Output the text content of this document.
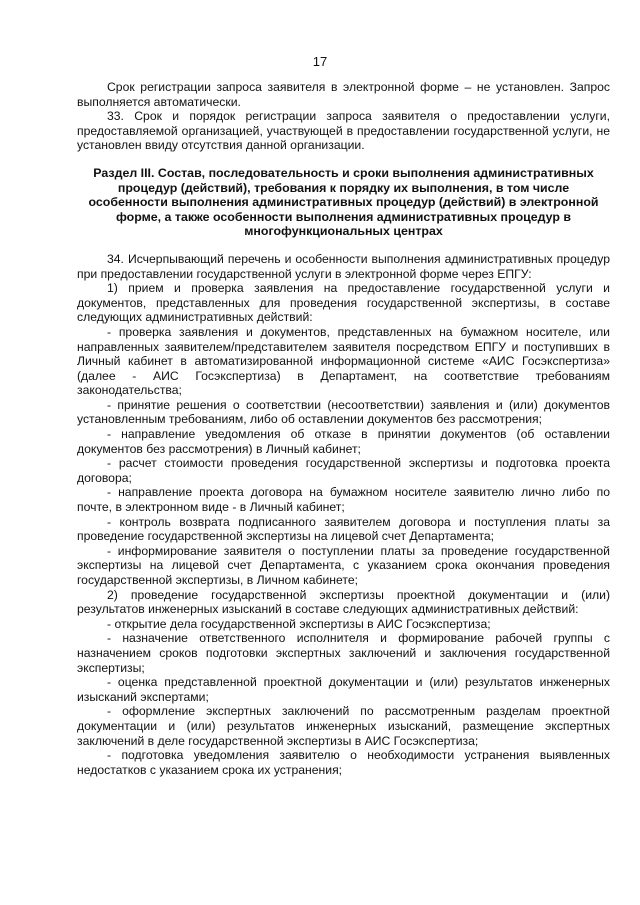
17

Срок регистрации запроса заявителя в электронной форме – не установлен. Запрос выполняется автоматически.

33. Срок и порядок регистрации запроса заявителя о предоставлении услуги, предоставляемой организацией, участвующей в предоставлении государственной услуги, не установлен ввиду отсутствия данной организации.

Раздел III. Состав, последовательность и сроки выполнения административных процедур (действий), требования к порядку их выполнения, в том числе особенности выполнения административных процедур (действий) в электронной форме, а также особенности выполнения административных процедур в многофункциональных центрах

34. Исчерпывающий перечень и особенности выполнения административных процедур при предоставлении государственной услуги в электронной форме через ЕПГУ:

1) прием и проверка заявления на предоставление государственной услуги и документов, представленных для проведения государственной экспертизы, в составе следующих административных действий:

- проверка заявления и документов, представленных на бумажном носителе, или направленных заявителем/представителем заявителя посредством ЕПГУ и поступивших в Личный кабинет в автоматизированной информационной системе «АИС Госэкспертиза» (далее - АИС Госэкспертиза) в Департамент, на соответствие требованиям законодательства;

- принятие решения о соответствии (несоответствии) заявления и (или) документов установленным требованиям, либо об оставлении документов без рассмотрения;

- направление уведомления об отказе в принятии документов (об оставлении документов без рассмотрения) в Личный кабинет;

- расчет стоимости проведения государственной экспертизы и подготовка проекта договора;

- направление проекта договора на бумажном носителе заявителю лично либо по почте, в электронном виде - в Личный кабинет;

- контроль возврата подписанного заявителем договора и поступления платы за проведение государственной экспертизы на лицевой счет Департамента;

- информирование заявителя о поступлении платы за проведение государственной экспертизы на лицевой счет Департамента, с указанием срока окончания проведения государственной экспертизы, в Личном кабинете;

2) проведение государственной экспертизы проектной документации и (или) результатов инженерных изысканий в составе следующих административных действий:

- открытие дела государственной экспертизы в АИС Госэкспертиза;

- назначение ответственного исполнителя и формирование рабочей группы с назначением сроков подготовки экспертных заключений и заключения государственной экспертизы;

- оценка представленной проектной документации и (или) результатов инженерных изысканий экспертами;

- оформление экспертных заключений по рассмотренным разделам проектной документации и (или) результатов инженерных изысканий, размещение экспертных заключений в деле государственной экспертизы в АИС Госэкспертиза;

- подготовка уведомления заявителю о необходимости устранения выявленных недостатков с указанием срока их устранения;
